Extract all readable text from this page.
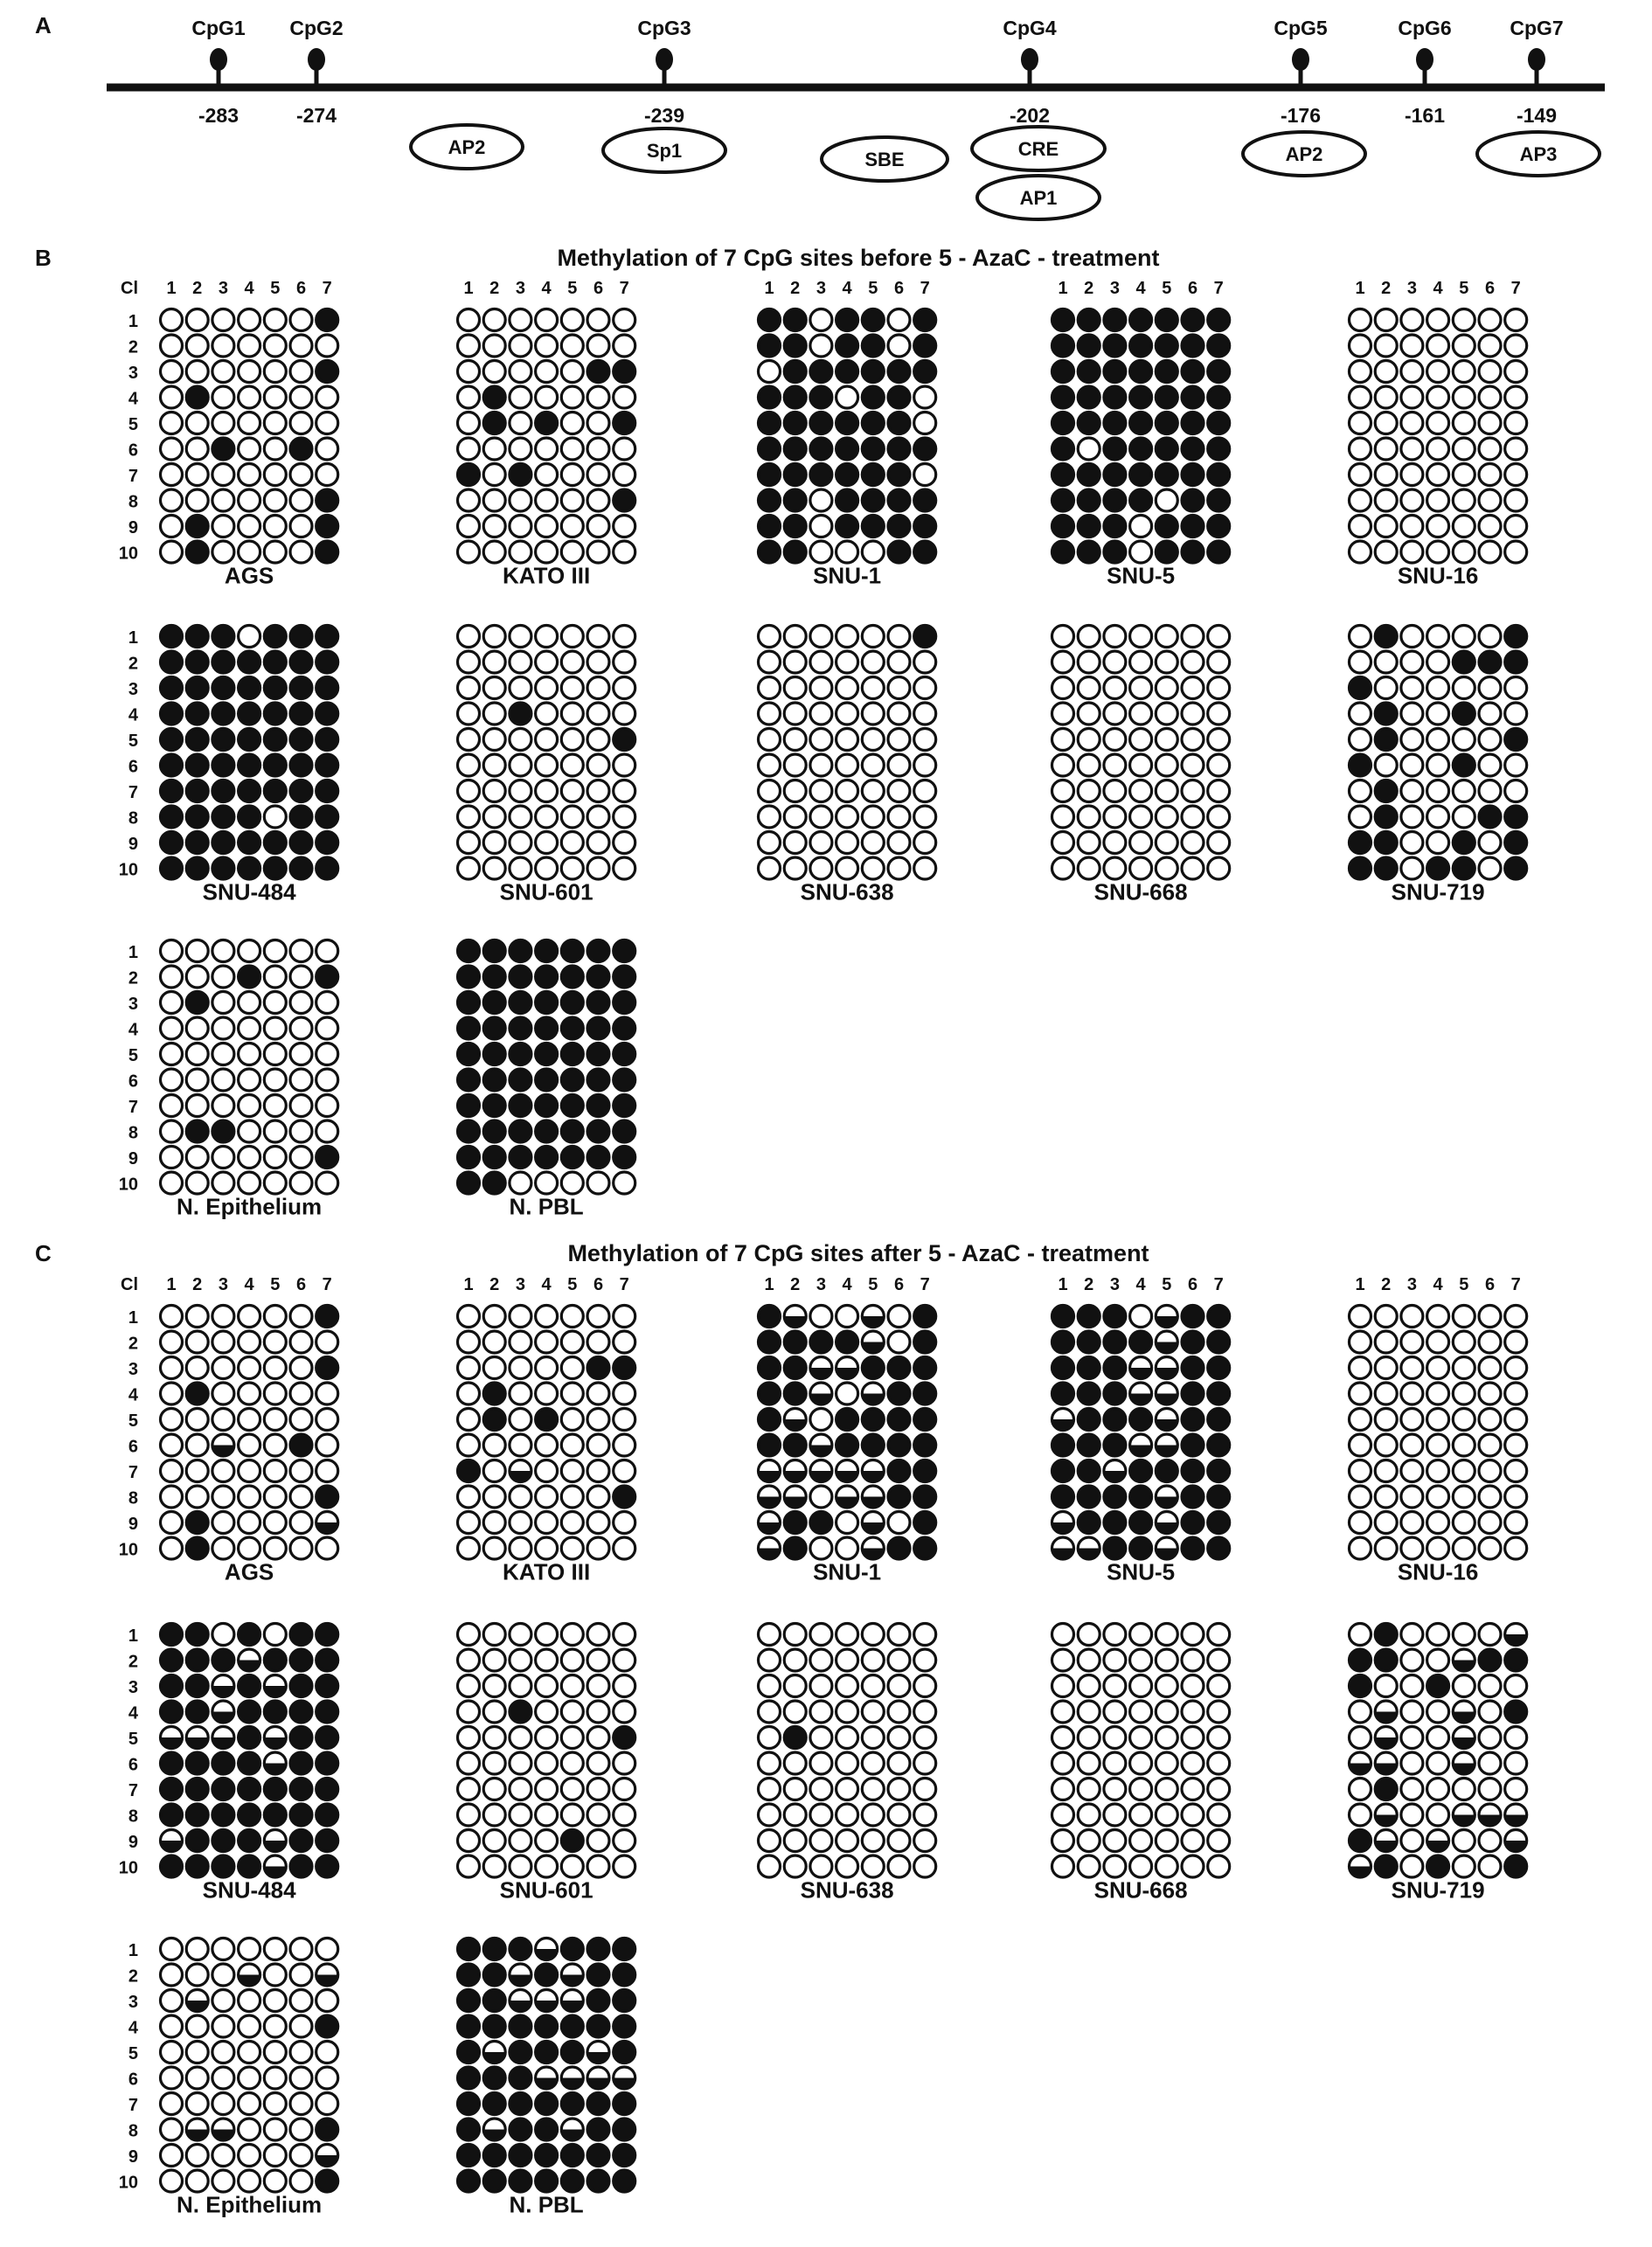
A	CpG1
-283
CpG2
-274
CpG3
-239
CpG4
-202
CpG5
-176
CpG6
-161
CpG7
-149
AP2	Sp1	SBE	CRE
AP1
AP2	AP3
B	Methylation of 7 CpG sites before 5 - AzaC - treatment
1
2
3
4
5
6
7
8
9
10
Cl 1 2 3 4 5 6 7
AGS
1 2 3 4 5 6 7
KATO III
1 2 3 4 5 6 7
SNU-1
1 2 3 4 5 6 7
SNU-5
1 2 3 4 5 6 7
SNU-16
1
2
3
4
5
6
7
8
9
10
SNU-484	SNU-601	SNU-638	SNU-668	SNU-719
1
2
3
4
5
6
7
8
9
10
N. Epithelium	N. PBL
C	Methylation of 7 CpG sites after 5 - AzaC - treatment
1
2
3
4
5
6
7
8
9
10
Cl 1 2 3 4 5 6 7
AGS
1 2 3 4 5 6 7
KATO III
1 2 3 4 5 6 7
SNU-1
1 2 3 4 5 6 7
SNU-5
1 2 3 4 5 6 7
SNU-16
1
2
3
4
5
6
7
8
9
10
SNU-484	SNU-601	SNU-638	SNU-668	SNU-719
1
2
3
4
5
6
7
8
9
10
N. Epithelium	N. PBL
